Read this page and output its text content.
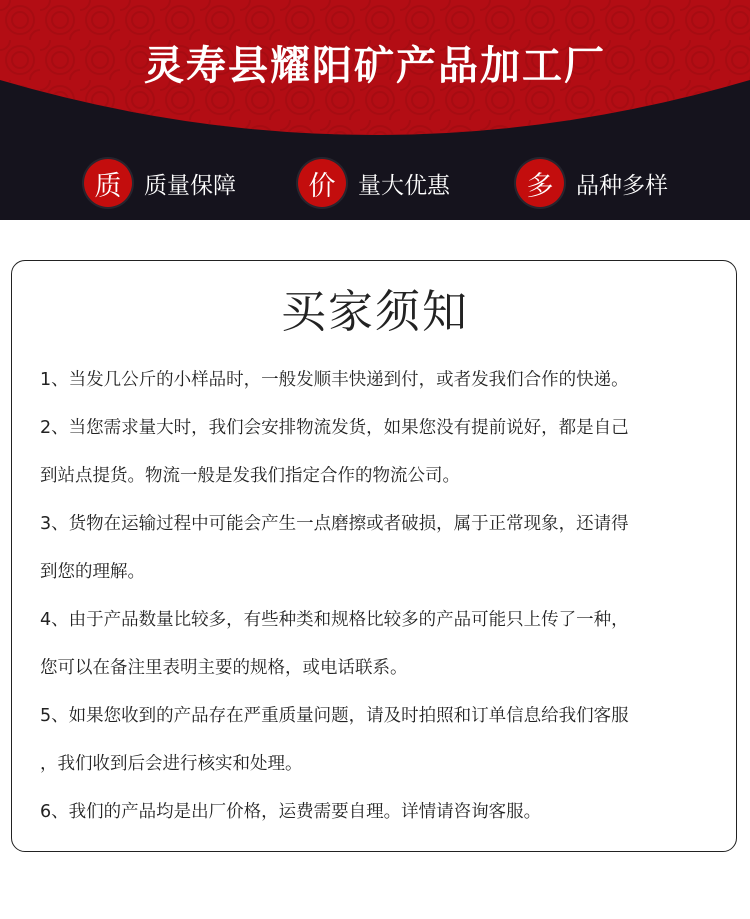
灵寿县耀阳矿产品加工厂
质 质量保障	价 量大优惠	多 品种多样
买家须知
1、当发几公斤的小样品时，一般发顺丰快递到付，或者发我们合作的快递。
2、当您需求量大时，我们会安排物流发货，如果您没有提前说好，都是自己
到站点提货。物流一般是发我们指定合作的物流公司。
3、货物在运输过程中可能会产生一点磨擦或者破损，属于正常现象，还请得
到您的理解。
4、由于产品数量比较多，有些种类和规格比较多的产品可能只上传了一种，
您可以在备注里表明主要的规格，或电话联系。
5、如果您收到的产品存在严重质量问题，请及时拍照和订单信息给我们客服
，我们收到后会进行核实和处理。
6、我们的产品均是出厂价格，运费需要自理。详情请咨询客服。
